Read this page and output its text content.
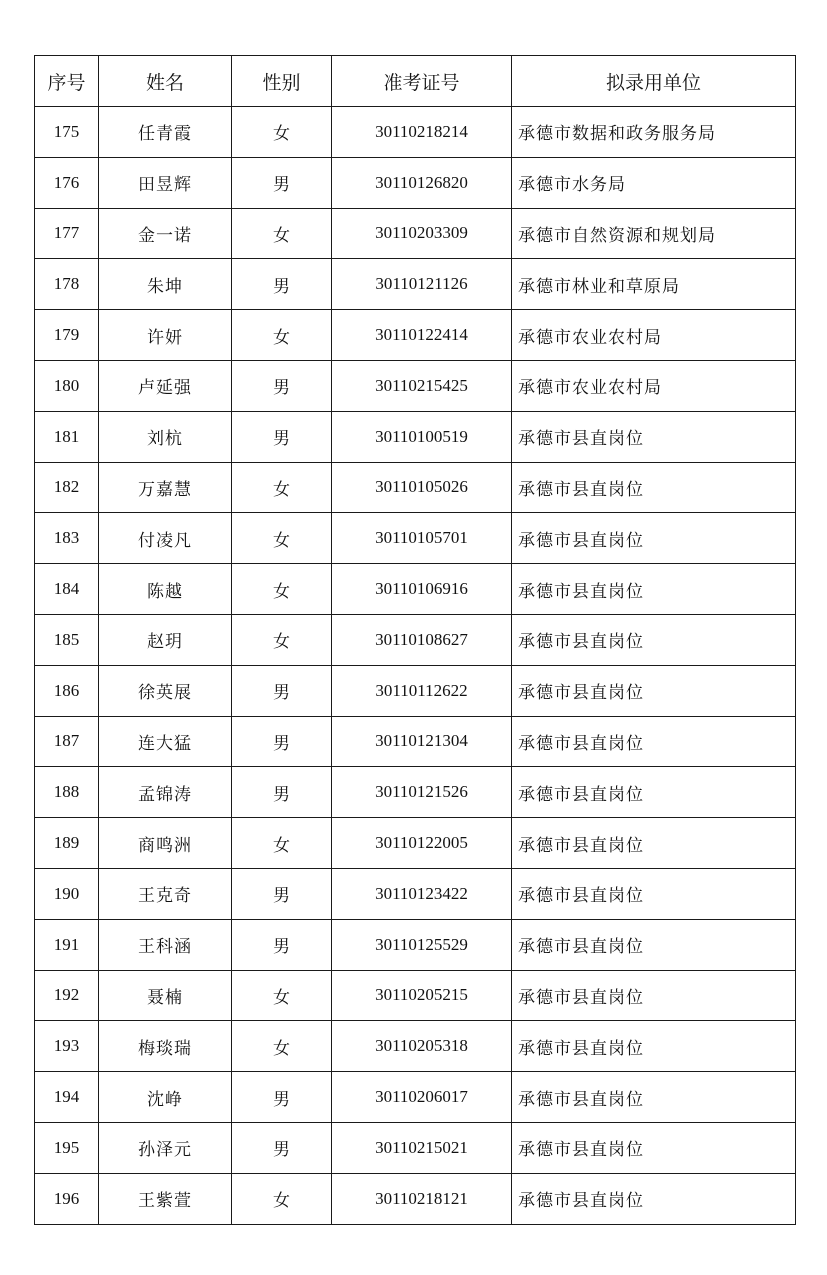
序号	姓名	性别	准考证号	拟录用单位
175	任青霞	女	30110218214	承德市数据和政务服务局
176	田昱辉	男	30110126820	承德市水务局
177	金一诺	女	30110203309	承德市自然资源和规划局
178	朱坤	男	30110121126	承德市林业和草原局
179	许妍	女	30110122414	承德市农业农村局
180	卢延强	男	30110215425	承德市农业农村局
181	刘杭	男	30110100519	承德市县直岗位
182	万嘉慧	女	30110105026	承德市县直岗位
183	付凌凡	女	30110105701	承德市县直岗位
184	陈越	女	30110106916	承德市县直岗位
185	赵玥	女	30110108627	承德市县直岗位
186	徐英展	男	30110112622	承德市县直岗位
187	连大猛	男	30110121304	承德市县直岗位
188	孟锦涛	男	30110121526	承德市县直岗位
189	商鸣洲	女	30110122005	承德市县直岗位
190	王克奇	男	30110123422	承德市县直岗位
191	王科涵	男	30110125529	承德市县直岗位
192	聂楠	女	30110205215	承德市县直岗位
193	梅琰瑞	女	30110205318	承德市县直岗位
194	沈峥	男	30110206017	承德市县直岗位
195	孙泽元	男	30110215021	承德市县直岗位
196	王紫萱	女	30110218121	承德市县直岗位
